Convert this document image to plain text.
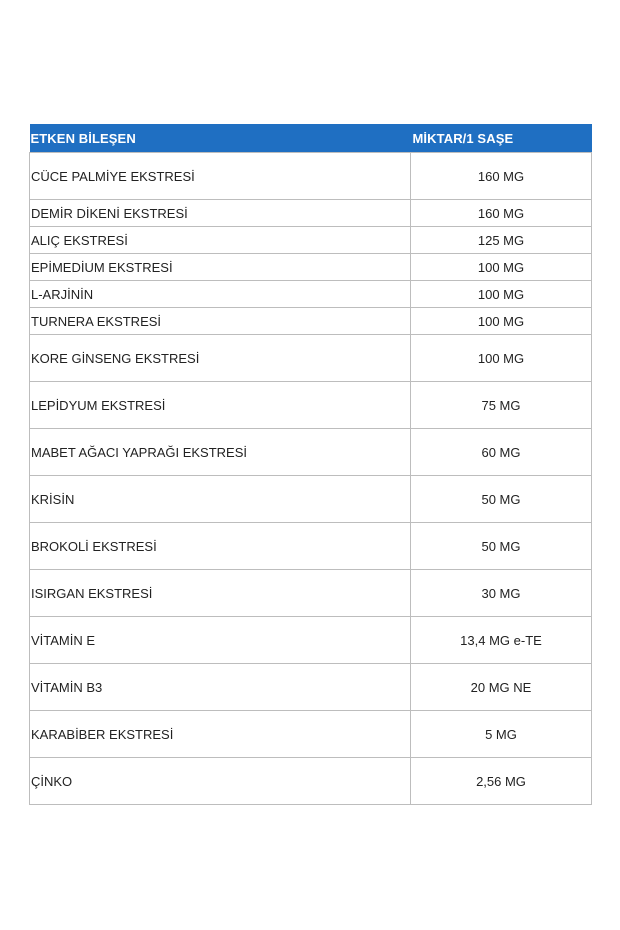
ETKEN BİLEŞEN	MİKTAR/1 SAŞE
CÜCE PALMİYE EKSTRESİ	160 MG
DEMİR DİKENİ EKSTRESİ	160 MG
ALIÇ EKSTRESİ	125 MG
EPİMEDİUM EKSTRESİ	100 MG
L-ARJİNİN	100 MG
TURNERA EKSTRESİ	100 MG
KORE GİNSENG EKSTRESİ	100 MG
LEPİDYUM EKSTRESİ	75 MG
MABET AĞACI YAPRAĞI EKSTRESİ	60 MG
KRİSİN	50 MG
BROKOLİ EKSTRESİ	50 MG
ISIRGAN EKSTRESİ	30 MG
VİTAMİN E	13,4 MG e-TE
VİTAMİN B3	20 MG NE
KARABİBER EKSTRESİ	5 MG
ÇİNKO	2,56 MG
